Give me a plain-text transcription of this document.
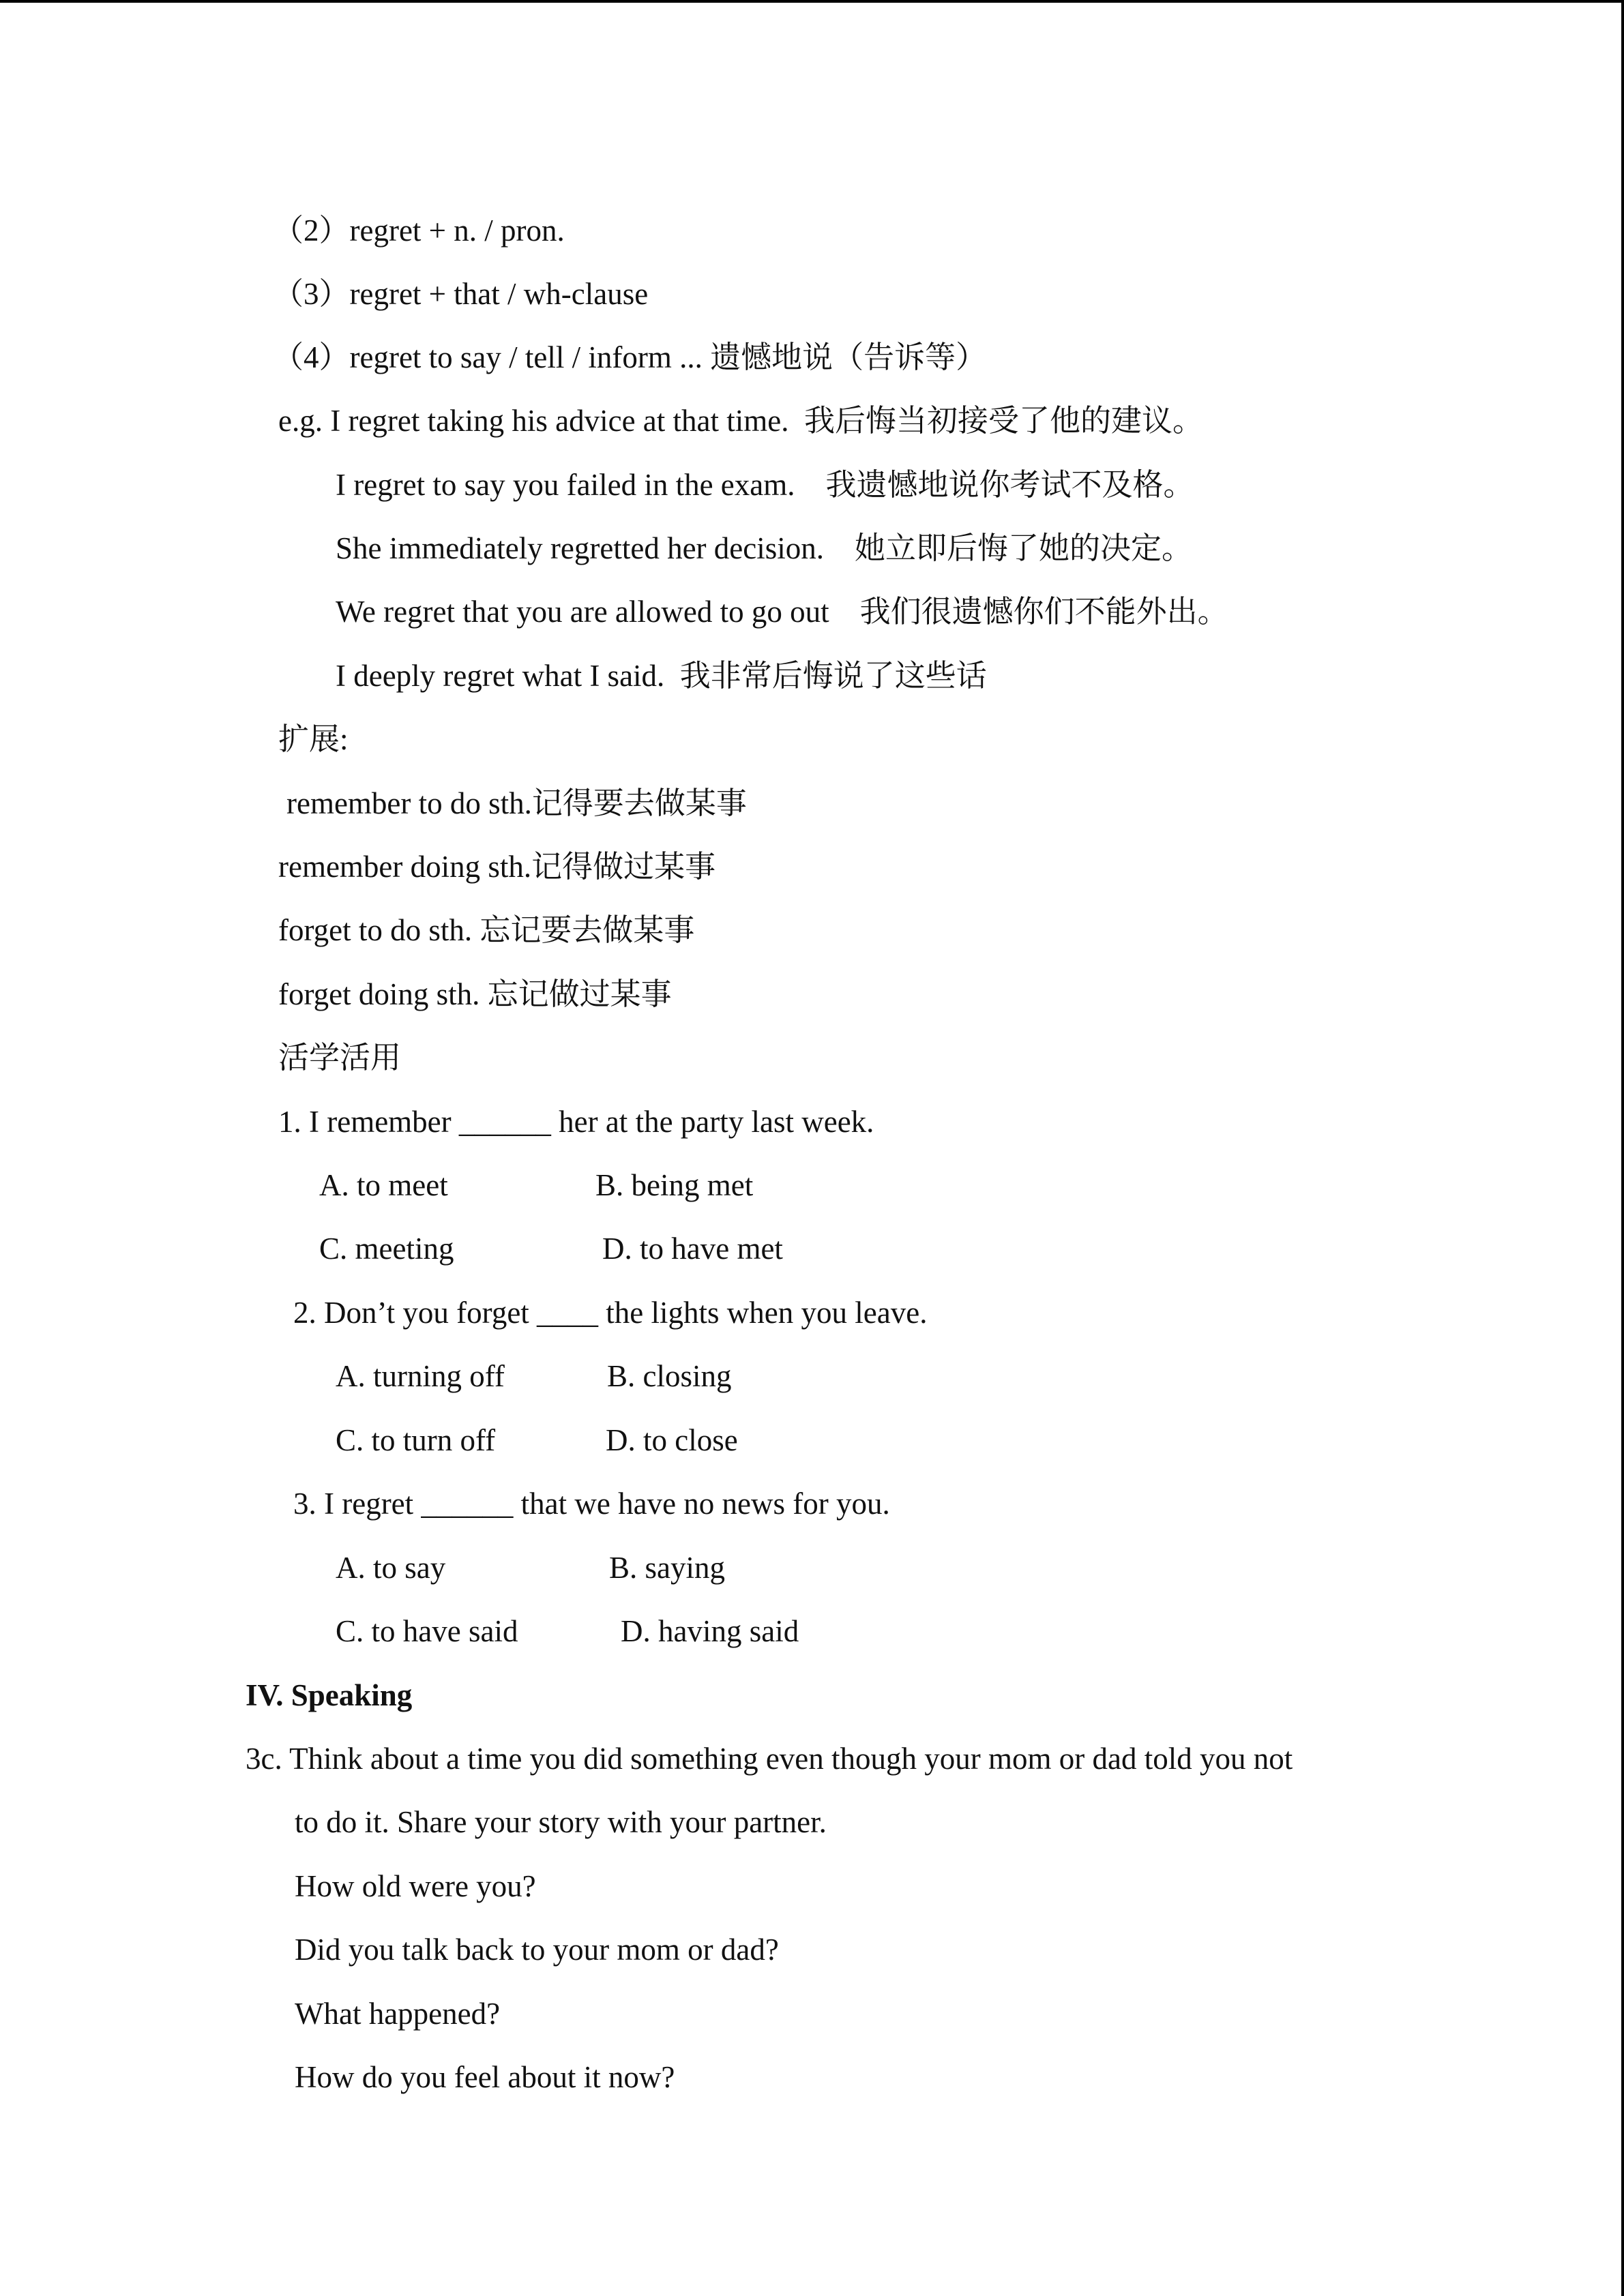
（2）regret + n. / pron.
（3）regret + that / wh-clause
（4）regret to say / tell / inform ... 遗憾地说（告诉等）
e.g. I regret taking his advice at that time.  我后悔当初接受了他的建议。
I regret to say you failed in the exam.    我遗憾地说你考试不及格。
She immediately regretted her decision.    她立即后悔了她的决定。
We regret that you are allowed to go out    我们很遗憾你们不能外出。
I deeply regret what I said.  我非常后悔说了这些话
扩展:
remember to do sth.记得要去做某事
remember doing sth.记得做过某事
forget to do sth. 忘记要去做某事
forget doing sth. 忘记做过某事
活学活用
1. I remember ______ her at the party last week.
A. to meet	B. being met
C. meeting	D. to have met
2. Don’t you forget ____ the lights when you leave.
A. turning off	B. closing
C. to turn off	D. to close
3. I regret ______ that we have no news for you.
A. to say	B. saying
C. to have said	D. having said
IV. Speaking
3c. Think about a time you did something even though your mom or dad told you not
to do it. Share your story with your partner.
How old were you?
Did you talk back to your mom or dad?
What happened?
How do you feel about it now?
